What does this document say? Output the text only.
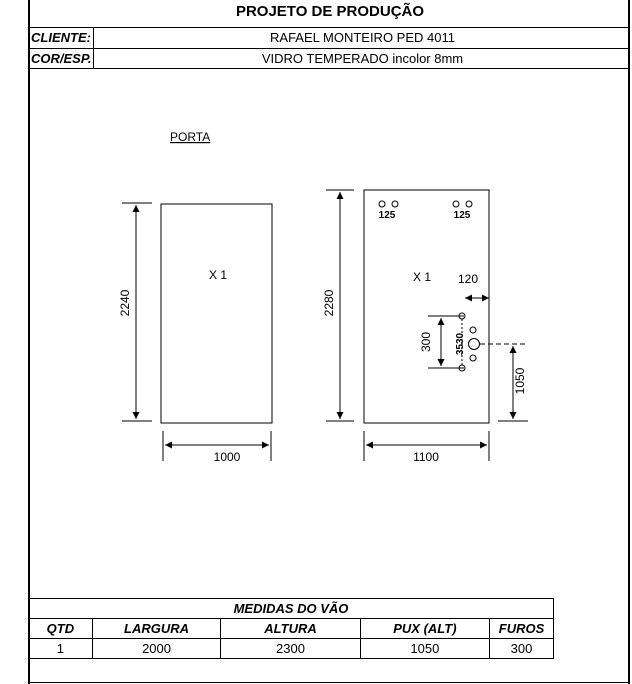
PROJETO DE PRODUÇÃO
CLIENTE:	RAFAEL MONTEIRO PED 4011
COR/ESP.	VIDRO TEMPERADO incolor 8mm
PORTA
2240
1000
X 1
2280
1100
X 1
125	125
120
300 3530
1050
MEDIDAS DO VÃO				
QTD	LARGURA	ALTURA	PUX (ALT)	FUROS
1	2000	2300	1050	300
